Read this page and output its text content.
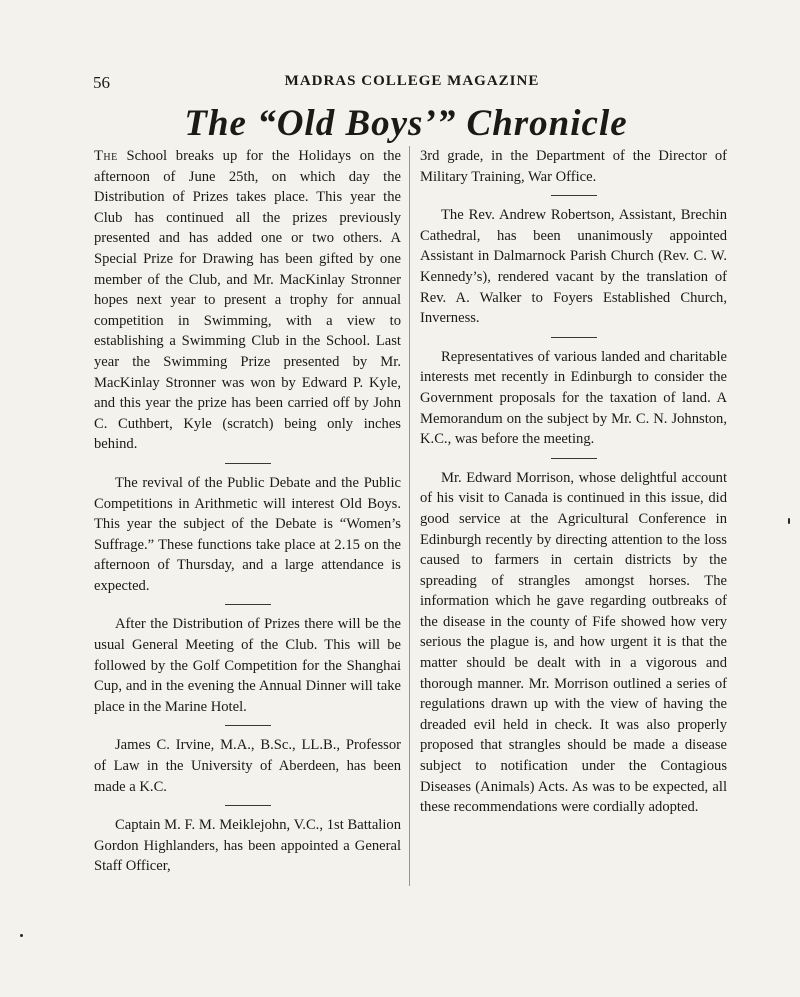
56	MADRAS COLLEGE MAGAZINE
The “Old Boys’” Chronicle

The School breaks up for the Holidays on the afternoon of June 25th, on which day the Distribution of Prizes takes place. This year the Club has continued all the prizes previously presented and has added one or two others. A Special Prize for Drawing has been gifted by one member of the Club, and Mr. MacKinlay Stronner hopes next year to present a trophy for annual competition in Swimming, with a view to establishing a Swimming Club in the School. Last year the Swimming Prize presented by Mr. MacKinlay Stronner was won by Edward P. Kyle, and this year the prize has been carried off by John C. Cuthbert, Kyle (scratch) being only inches behind.

The revival of the Public Debate and the Public Competitions in Arithmetic will interest Old Boys. This year the subject of the Debate is “Women’s Suffrage.” These functions take place at 2.15 on the afternoon of Thursday, and a large attendance is expected.

After the Distribution of Prizes there will be the usual General Meeting of the Club. This will be followed by the Golf Competition for the Shanghai Cup, and in the evening the Annual Dinner will take place in the Marine Hotel.

James C. Irvine, M.A., B.Sc., LL.B., Professor of Law in the University of Aberdeen, has been made a K.C.

Captain M. F. M. Meiklejohn, V.C., 1st Battalion Gordon Highlanders, has been appointed a General Staff Officer,

3rd grade, in the Department of the Director of Military Training, War Office.

The Rev. Andrew Robertson, Assistant, Brechin Cathedral, has been unanimously appointed Assistant in Dalmarnock Parish Church (Rev. C. W. Kennedy’s), rendered vacant by the translation of Rev. A. Walker to Foyers Established Church, Inverness.

Representatives of various landed and charitable interests met recently in Edinburgh to consider the Government proposals for the taxation of land. A Memorandum on the subject by Mr. C. N. Johnston, K.C., was before the meeting.

Mr. Edward Morrison, whose delightful account of his visit to Canada is continued in this issue, did good service at the Agricultural Conference in Edinburgh recently by directing attention to the loss caused to farmers in certain districts by the spreading of strangles amongst horses. The information which he gave regarding outbreaks of the disease in the county of Fife showed how very serious the plague is, and how urgent it is that the matter should be dealt with in a vigorous and thorough manner. Mr. Morrison outlined a series of regulations drawn up with the view of having the dreaded evil held in check. It was also properly proposed that strangles should be made a disease subject to notification under the Contagious Diseases (Animals) Acts. As was to be expected, all these recommendations were cordially adopted.
